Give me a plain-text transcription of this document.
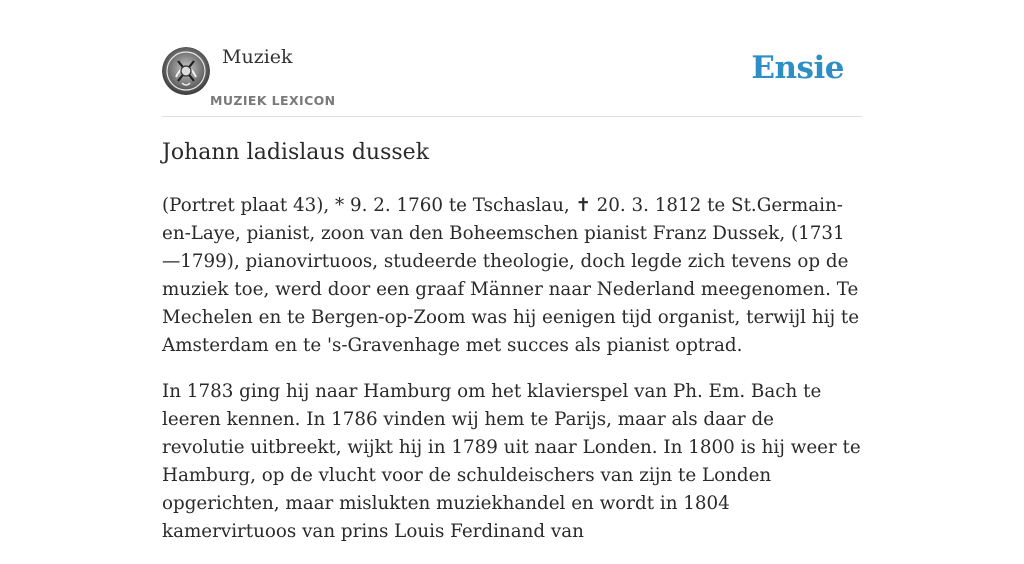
Muziek
MUZIEK LEXICON
Ensie
Johann ladislaus dussek

(Portret plaat 43), * 9. 2. 1760 te Tschaslau, ✝ 20. 3. 1812 te St.Germain-en-Laye, pianist, zoon van den Boheemschen pianist Franz Dussek, (1731—1799), pianovirtuoos, studeerde theologie, doch legde zich tevens op de muziek toe, werd door een graaf Männer naar Nederland meegenomen. Te Mechelen en te Bergen-op-Zoom was hij eenigen tijd organist, terwijl hij te Amsterdam en te 's-Gravenhage met succes als pianist optrad.

In 1783 ging hij naar Hamburg om het klavierspel van Ph. Em. Bach te leeren kennen. In 1786 vinden wij hem te Parijs, maar als daar de revolutie uitbreekt, wijkt hij in 1789 uit naar Londen. In 1800 is hij weer te Hamburg, op de vlucht voor de schuldeischers van zijn te Londen opgerichten, maar mislukten muziekhandel en wordt in 1804 kamervirtuoos van prins Louis Ferdinand van
